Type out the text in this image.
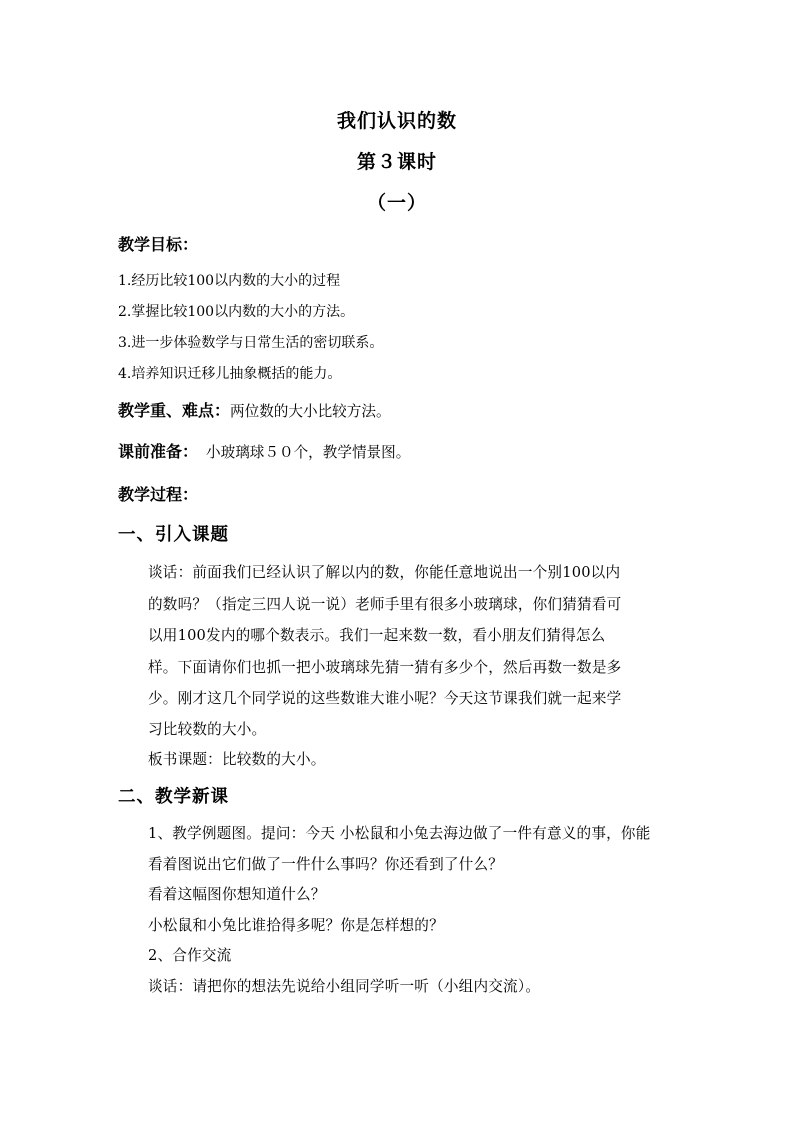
我们认识的数
第３课时
（一）
教学目标：
1.经历比较100以内数的大小的过程
2.掌握比较100以内数的大小的方法。
3.进一步体验数学与日常生活的密切联系。
4.培养知识迁移儿抽象概括的能力。
教学重、难点：两位数的大小比较方法。
课前准备： 小玻璃球５０个，教学情景图。
教学过程：
一、引入课题
谈话：前面我们已经认识了解以内的数，你能任意地说出一个别100以内
的数吗？（指定三四人说一说）老师手里有很多小玻璃球，你们猜猜看可
以用100发内的哪个数表示。我们一起来数一数，看小朋友们猜得怎么
样。下面请你们也抓一把小玻璃球先猜一猜有多少个，然后再数一数是多
少。刚才这几个同学说的这些数谁大谁小呢？今天这节课我们就一起来学
习比较数的大小。
板书课题：比较数的大小。
二、教学新课
1、教学例题图。提问：今天 小松鼠和小兔去海边做了一件有意义的事，你能
看着图说出它们做了一件什么事吗？你还看到了什么？
看着这幅图你想知道什么？
小松鼠和小兔比谁拾得多呢？你是怎样想的？
2、合作交流
谈话：请把你的想法先说给小组同学听一听（小组内交流）。
